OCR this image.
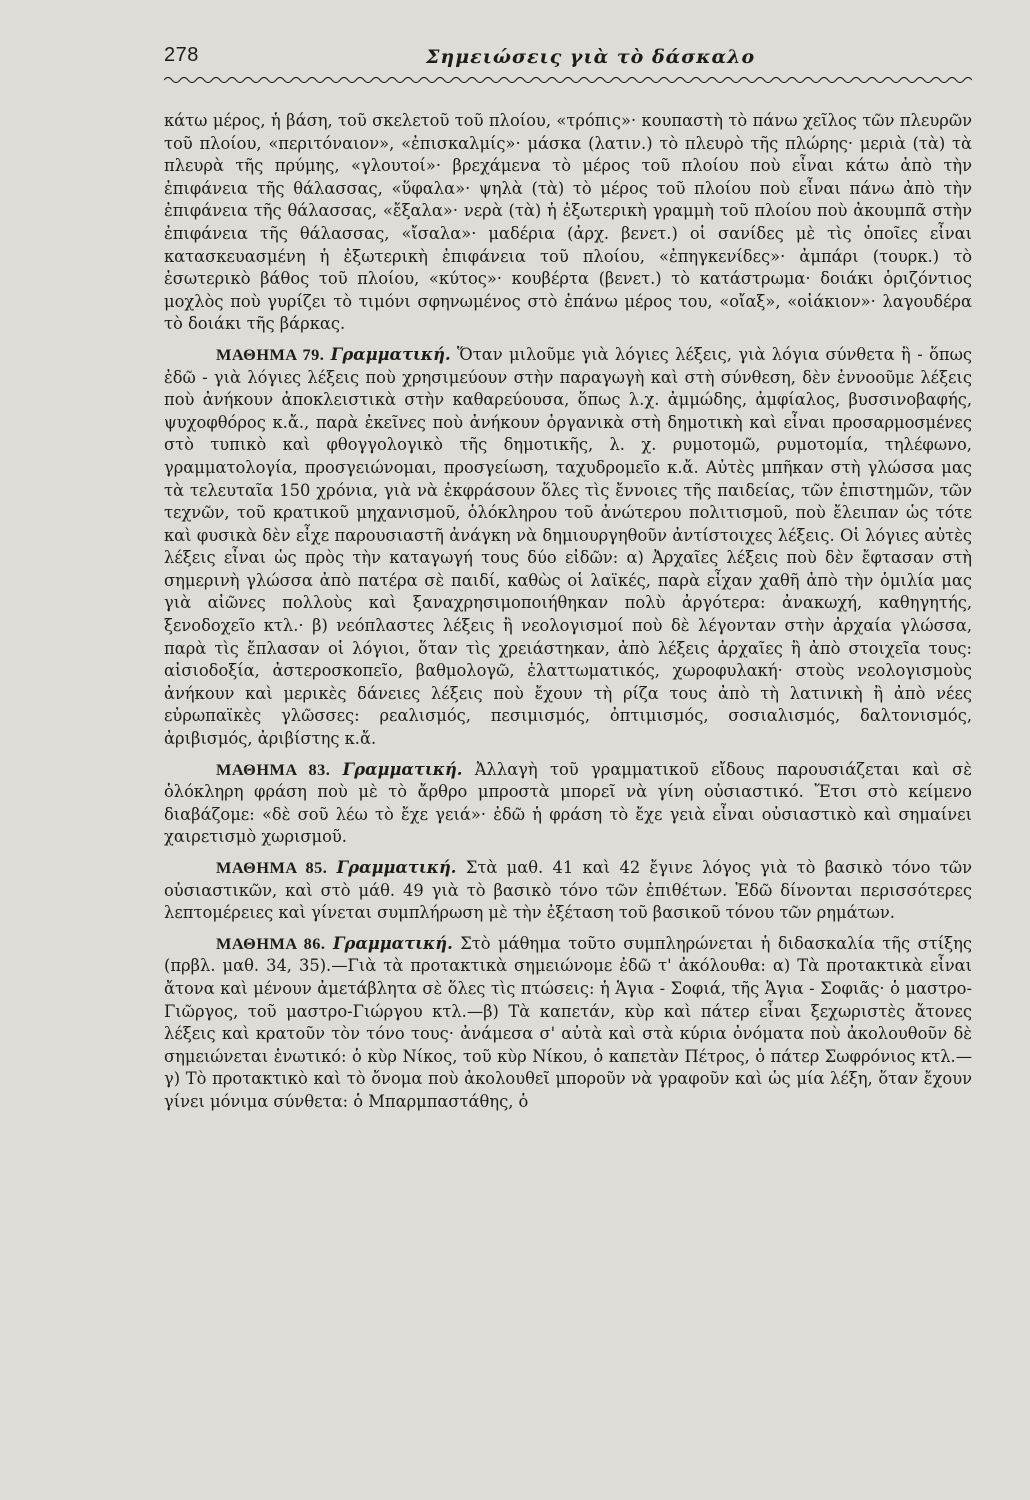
278	Σημειώσεις γιὰ τὸ δάσκαλο

κάτω μέρος, ἡ βάση, τοῦ σκελετοῦ τοῦ πλοίου, «τρόπις»· κουπαστὴ τὸ πάνω χεῖλος τῶν πλευρῶν τοῦ πλοίου, «περιτόναιον», «ἐπισκαλμίς»· μάσκα (λατιν.) τὸ πλευρὸ τῆς πλώρης· μεριὰ (τὰ) τὰ πλευρὰ τῆς πρύμης, «γλουτοί»· βρεχάμενα τὸ μέρος τοῦ πλοίου ποὺ εἶναι κάτω ἀπὸ τὴν ἐπιφάνεια τῆς θάλασσας, «ὕφαλα»· ψηλὰ (τὰ) τὸ μέρος τοῦ πλοίου ποὺ εἶναι πάνω ἀπὸ τὴν ἐπιφάνεια τῆς θάλασσας, «ἔξαλα»· νερὰ (τὰ) ἡ ἐξωτερικὴ γραμμὴ τοῦ πλοίου ποὺ ἀκουμπᾶ στὴν ἐπιφάνεια τῆς θάλασσας, «ἴσαλα»· μαδέρια (ἀρχ. βενετ.) οἱ σανίδες μὲ τὶς ὁποῖες εἶναι κατασκευασμένη ἡ ἐξωτερικὴ ἐπιφάνεια τοῦ πλοίου, «ἐπηγκενίδες»· ἀμπάρι (τουρκ.) τὸ ἐσωτερικὸ βάθος τοῦ πλοίου, «κύτος»· κουβέρτα (βενετ.) τὸ κατάστρωμα· δοιάκι ὁριζόντιος μοχλὸς ποὺ γυρίζει τὸ τιμόνι σφηνωμένος στὸ ἐπάνω μέρος του, «οἴαξ», «οἰάκιον»· λαγουδέρα τὸ δοιάκι τῆς βάρκας.

ΜΑΘΗΜΑ 79. Γραμματική. Ὅταν μιλοῦμε γιὰ λόγιες λέξεις, γιὰ λόγια σύνθετα ἢ - ὅπως ἐδῶ - γιὰ λόγιες λέξεις ποὺ χρησιμεύουν στὴν παραγωγὴ καὶ στὴ σύνθεση, δὲν ἐννοοῦμε λέξεις ποὺ ἀνήκουν ἀποκλειστικὰ στὴν καθαρεύουσα, ὅπως λ.χ. ἀμμώδης, ἀμφίαλος, βυσσινοβαφής, ψυχοφθόρος κ.ἄ., παρὰ ἐκεῖνες ποὺ ἀνήκουν ὀργανικὰ στὴ δημοτικὴ καὶ εἶναι προσαρμοσμένες στὸ τυπικὸ καὶ φθογγολογικὸ τῆς δημοτικῆς, λ. χ. ρυμοτομῶ, ρυμοτομία, τηλέφωνο, γραμματολογία, προσγειώνομαι, προσγείωση, ταχυδρομεῖο κ.ἄ. Αὐτὲς μπῆκαν στὴ γλώσσα μας τὰ τελευταῖα 150 χρόνια, γιὰ νὰ ἐκφράσουν ὅλες τὶς ἔννοιες τῆς παιδείας, τῶν ἐπιστημῶν, τῶν τεχνῶν, τοῦ κρατικοῦ μηχανισμοῦ, ὁλόκληρου τοῦ ἀνώτερου πολιτισμοῦ, ποὺ ἔλειπαν ὡς τότε καὶ φυσικὰ δὲν εἶχε παρουσιαστῆ ἀνάγκη νὰ δημιουργηθοῦν ἀντίστοιχες λέξεις. Οἱ λόγιες αὐτὲς λέξεις εἶναι ὡς πρὸς τὴν καταγωγή τους δύο εἰδῶν: α) Ἀρχαῖες λέξεις ποὺ δὲν ἔφτασαν στὴ σημερινὴ γλώσσα ἀπὸ πατέρα σὲ παιδί, καθὼς οἱ λαϊκές, παρὰ εἶχαν χαθῆ ἀπὸ τὴν ὁμιλία μας γιὰ αἰῶνες πολλοὺς καὶ ξαναχρησιμοποιήθηκαν πολὺ ἀργότερα: ἀνακωχή, καθηγητής, ξενοδοχεῖο κτλ.· β) νεόπλαστες λέξεις ἢ νεολογισμοί ποὺ δὲ λέγονταν στὴν ἀρχαία γλώσσα, παρὰ τὶς ἔπλασαν οἱ λόγιοι, ὅταν τὶς χρειάστηκαν, ἀπὸ λέξεις ἀρχαῖες ἢ ἀπὸ στοιχεῖα τους: αἰσιοδοξία, ἀστεροσκοπεῖο, βαθμολογῶ, ἐλαττωματικός, χωροφυλακή· στοὺς νεολογισμοὺς ἀνήκουν καὶ μερικὲς δάνειες λέξεις ποὺ ἔχουν τὴ ρίζα τους ἀπὸ τὴ λατινικὴ ἢ ἀπὸ νέες εὐρωπαϊκὲς γλῶσσες: ρεαλισμός, πεσιμισμός, ὀπτιμισμός, σοσιαλισμός, δαλτονισμός, ἀριβισμός, ἀριβίστης κ.ἄ.

ΜΑΘΗΜΑ 83. Γραμματική. Ἀλλαγὴ τοῦ γραμματικοῦ εἴδους παρουσιάζεται καὶ σὲ ὁλόκληρη φράση ποὺ μὲ τὸ ἄρθρο μπροστὰ μπορεῖ νὰ γίνη οὐσιαστικό. Ἔτσι στὸ κείμενο διαβάζομε: «δὲ σοῦ λέω τὸ ἔχε γειά»· ἐδῶ ἡ φράση τὸ ἔχε γειὰ εἶναι οὐσιαστικὸ καὶ σημαίνει χαιρετισμὸ χωρισμοῦ.

ΜΑΘΗΜΑ 85. Γραμματική. Στὰ μαθ. 41 καὶ 42 ἔγινε λόγος γιὰ τὸ βασικὸ τόνο τῶν οὐσιαστικῶν, καὶ στὸ μάθ. 49 γιὰ τὸ βασικὸ τόνο τῶν ἐπιθέτων. Ἐδῶ δίνονται περισσότερες λεπτομέρειες καὶ γίνεται συμπλήρωση μὲ τὴν ἐξέταση τοῦ βασικοῦ τόνου τῶν ρημάτων.

ΜΑΘΗΜΑ 86. Γραμματική. Στὸ μάθημα τοῦτο συμπληρώνεται ἡ διδασκαλία τῆς στίξης (πρβλ. μαθ. 34, 35).—Γιὰ τὰ προτακτικὰ σημειώνομε ἐδῶ τ' ἀκόλουθα: α) Τὰ προτακτικὰ εἶναι ἄτονα καὶ μένουν ἀμετάβλητα σὲ ὅλες τὶς πτώσεις: ἡ Ἁγια - Σοφιά, τῆς Ἁγια - Σοφιᾶς· ὁ μαστρο-Γιῶργος, τοῦ μαστρο-Γιώργου κτλ.—β) Τὰ καπετάν, κὺρ καὶ πάτερ εἶναι ξεχωριστὲς ἄτονες λέξεις καὶ κρατοῦν τὸν τόνο τους· ἀνάμεσα σ' αὐτὰ καὶ στὰ κύρια ὀνόματα ποὺ ἀκολουθοῦν δὲ σημειώνεται ἑνωτικό: ὁ κὺρ Νίκος, τοῦ κὺρ Νίκου, ὁ καπετὰν Πέτρος, ὁ πάτερ Σωφρόνιος κτλ.—γ) Τὸ προτακτικὸ καὶ τὸ ὄνομα ποὺ ἀκολουθεῖ μποροῦν νὰ γραφοῦν καὶ ὡς μία λέξη, ὅταν ἔχουν γίνει μόνιμα σύνθετα: ὁ Μπαρμπαστάθης, ὁ
